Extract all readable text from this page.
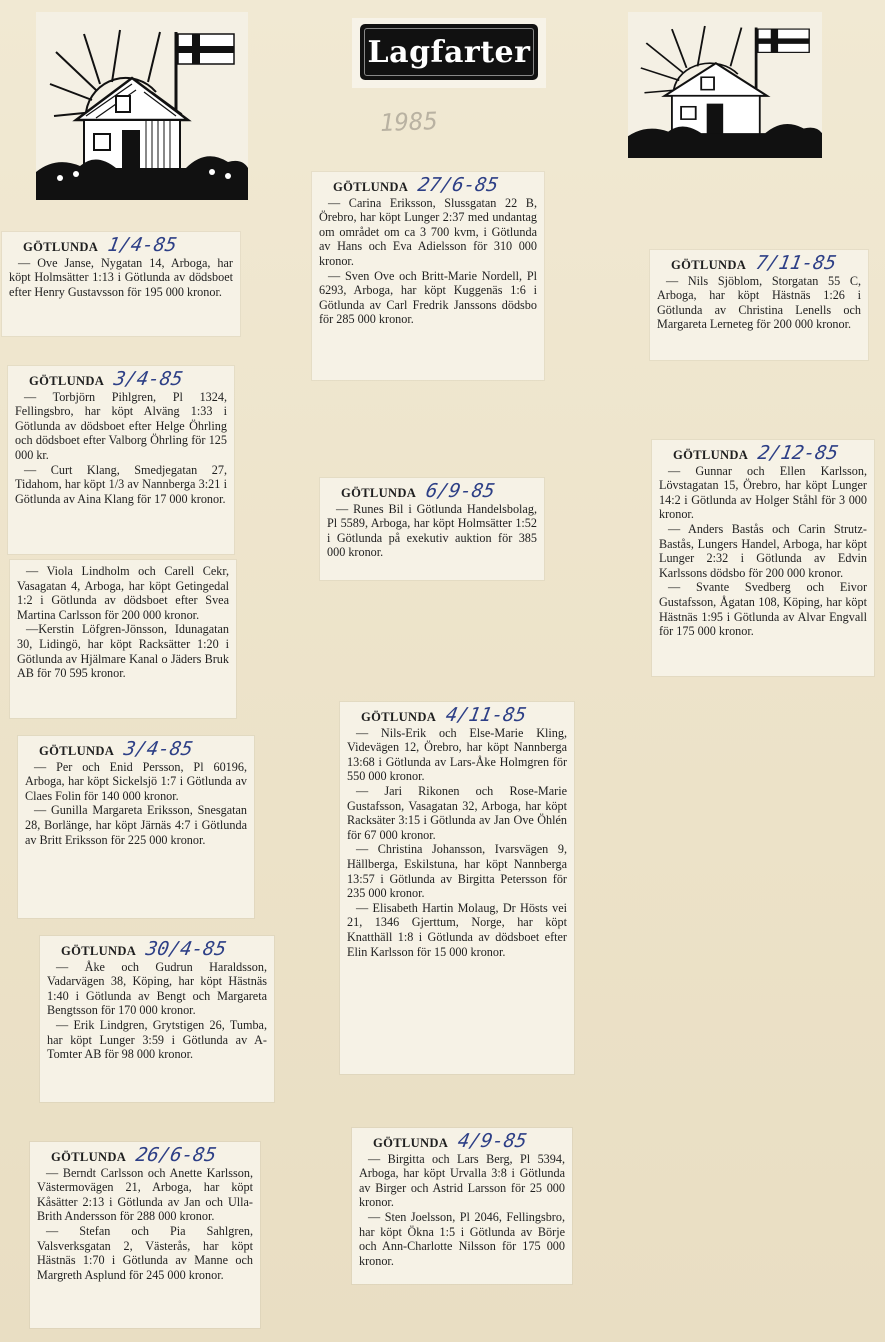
Lagfarter
1985
GÖTLUNDA 1/4-85

— Ove Janse, Nygatan 14, Arboga, har köpt Holmsätter 1:13 i Götlunda av dödsboet efter Henry Gustavsson för 195 000 kronor.

GÖTLUNDA 3/4-85

— Torbjörn Pihlgren, Pl 1324, Fellingsbro, har köpt Alväng 1:33 i Götlunda av dödsboet efter Helge Öhrling och dödsboet efter Valborg Öhrling för 125 000 kr.

— Curt Klang, Smedjegatan 27, Tidahom, har köpt 1/3 av Nannberga 3:21 i Götlunda av Aina Klang för 17 000 kronor.

— Viola Lindholm och Carell Cekr, Vasagatan 4, Arboga, har köpt Getingedal 1:2 i Götlunda av dödsboet efter Svea Martina Carlsson för 200 000 kronor.

—Kerstin Löfgren-Jönsson, Idunagatan 30, Lidingö, har köpt Racksätter 1:20 i Götlunda av Hjälmare Kanal o Jäders Bruk AB för 70 595 kronor.

GÖTLUNDA 3/4-85

— Per och Enid Persson, Pl 60196, Arboga, har köpt Sickelsjö 1:7 i Götlunda av Claes Folin för 140 000 kronor.

— Gunilla Margareta Eriksson, Snesgatan 28, Borlänge, har köpt Järnäs 4:7 i Götlunda av Britt Eriksson för 225 000 kronor.

GÖTLUNDA 30/4-85

— Åke och Gudrun Haraldsson, Vadarvägen 38, Köping, har köpt Hästnäs 1:40 i Götlunda av Bengt och Margareta Bengtsson för 170 000 kronor.

— Erik Lindgren, Grytstigen 26, Tumba, har köpt Lunger 3:59 i Götlunda av A-Tomter AB för 98 000 kronor.

GÖTLUNDA 26/6-85

— Berndt Carlsson och Anette Karlsson, Västermovägen 21, Arboga, har köpt Kåsätter 2:13 i Götlunda av Jan och Ulla-Brith Andersson för 288 000 kronor.

— Stefan och Pia Sahlgren, Valsverksgatan 2, Västerås, har köpt Hästnäs 1:70 i Götlunda av Manne och Margreth Asplund för 245 000 kronor.

GÖTLUNDA 27/6-85

— Carina Eriksson, Slussgatan 22 B, Örebro, har köpt Lunger 2:37 med undantag om området om ca 3 700 kvm, i Götlunda av Hans och Eva Adielsson för 310 000 kronor.

— Sven Ove och Britt-Marie Nordell, Pl 6293, Arboga, har köpt Kuggenäs 1:6 i Götlunda av Carl Fredrik Janssons dödsbo för 285 000 kronor.

GÖTLUNDA 6/9-85

— Runes Bil i Götlunda Handelsbolag, Pl 5589, Arboga, har köpt Holmsätter 1:52 i Götlunda på exekutiv auktion för 385 000 kronor.

GÖTLUNDA 4/11-85

— Nils-Erik och Else-Marie Kling, Videvägen 12, Örebro, har köpt Nannberga 13:68 i Götlunda av Lars-Åke Holmgren för 550 000 kronor.

— Jari Rikonen och Rose-Marie Gustafsson, Vasagatan 32, Arboga, har köpt Racksäter 3:15 i Götlunda av Jan Ove Öhlén för 67 000 kronor.

— Christina Johansson, Ivarsvägen 9, Hällberga, Eskilstuna, har köpt Nannberga 13:57 i Götlunda av Birgitta Petersson för 235 000 kronor.

— Elisabeth Hartin Molaug, Dr Hösts vei 21, 1346 Gjerttum, Norge, har köpt Knatthäll 1:8 i Götlunda av dödsboet efter Elin Karlsson för 15 000 kronor.

GÖTLUNDA 4/9-85

— Birgitta och Lars Berg, Pl 5394, Arboga, har köpt Urvalla 3:8 i Götlunda av Birger och Astrid Larsson för 25 000 kronor.

— Sten Joelsson, Pl 2046, Fellingsbro, har köpt Ökna 1:5 i Götlunda av Börje och Ann-Charlotte Nilsson för 175 000 kronor.

GÖTLUNDA 7/11-85

— Nils Sjöblom, Storgatan 55 C, Arboga, har köpt Hästnäs 1:26 i Götlunda av Christina Lenells och Margareta Lerneteg för 200 000 kronor.

GÖTLUNDA 2/12-85

— Gunnar och Ellen Karlsson, Lövstagatan 15, Örebro, har köpt Lunger 14:2 i Götlunda av Holger Ståhl för 3 000 kronor.

— Anders Bastås och Carin Strutz-Bastås, Lungers Handel, Arboga, har köpt Lunger 2:32 i Götlunda av Edvin Karlssons dödsbo för 200 000 kronor.

— Svante Svedberg och Eivor Gustafsson, Ågatan 108, Köping, har köpt Hästnäs 1:95 i Götlunda av Alvar Engvall för 175 000 kronor.
